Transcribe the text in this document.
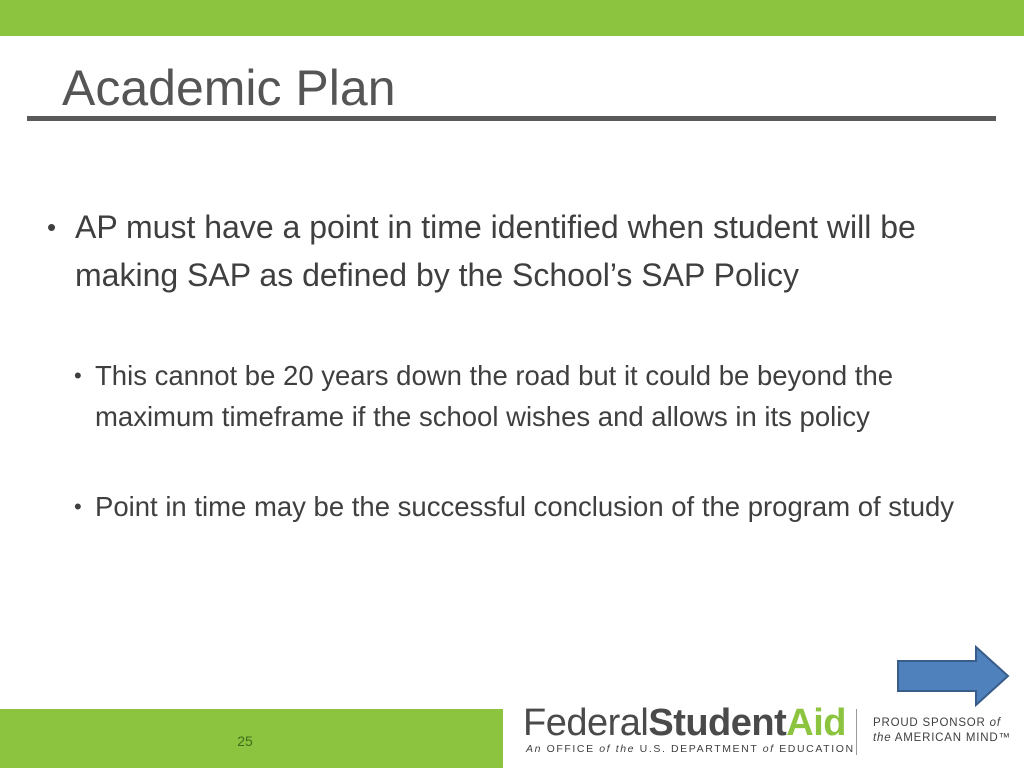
Academic Plan
• AP must have a point in time identified when student will be making SAP as defined by the School’s SAP Policy
• This cannot be 20 years down the road but it could be beyond the maximum timeframe if the school wishes and allows in its policy
• Point in time may be the successful conclusion of the program of study
25	FederalStudentAid
An OFFICE of the U.S. DEPARTMENT of EDUCATION
PROUD SPONSOR of
the AMERICAN MIND™
